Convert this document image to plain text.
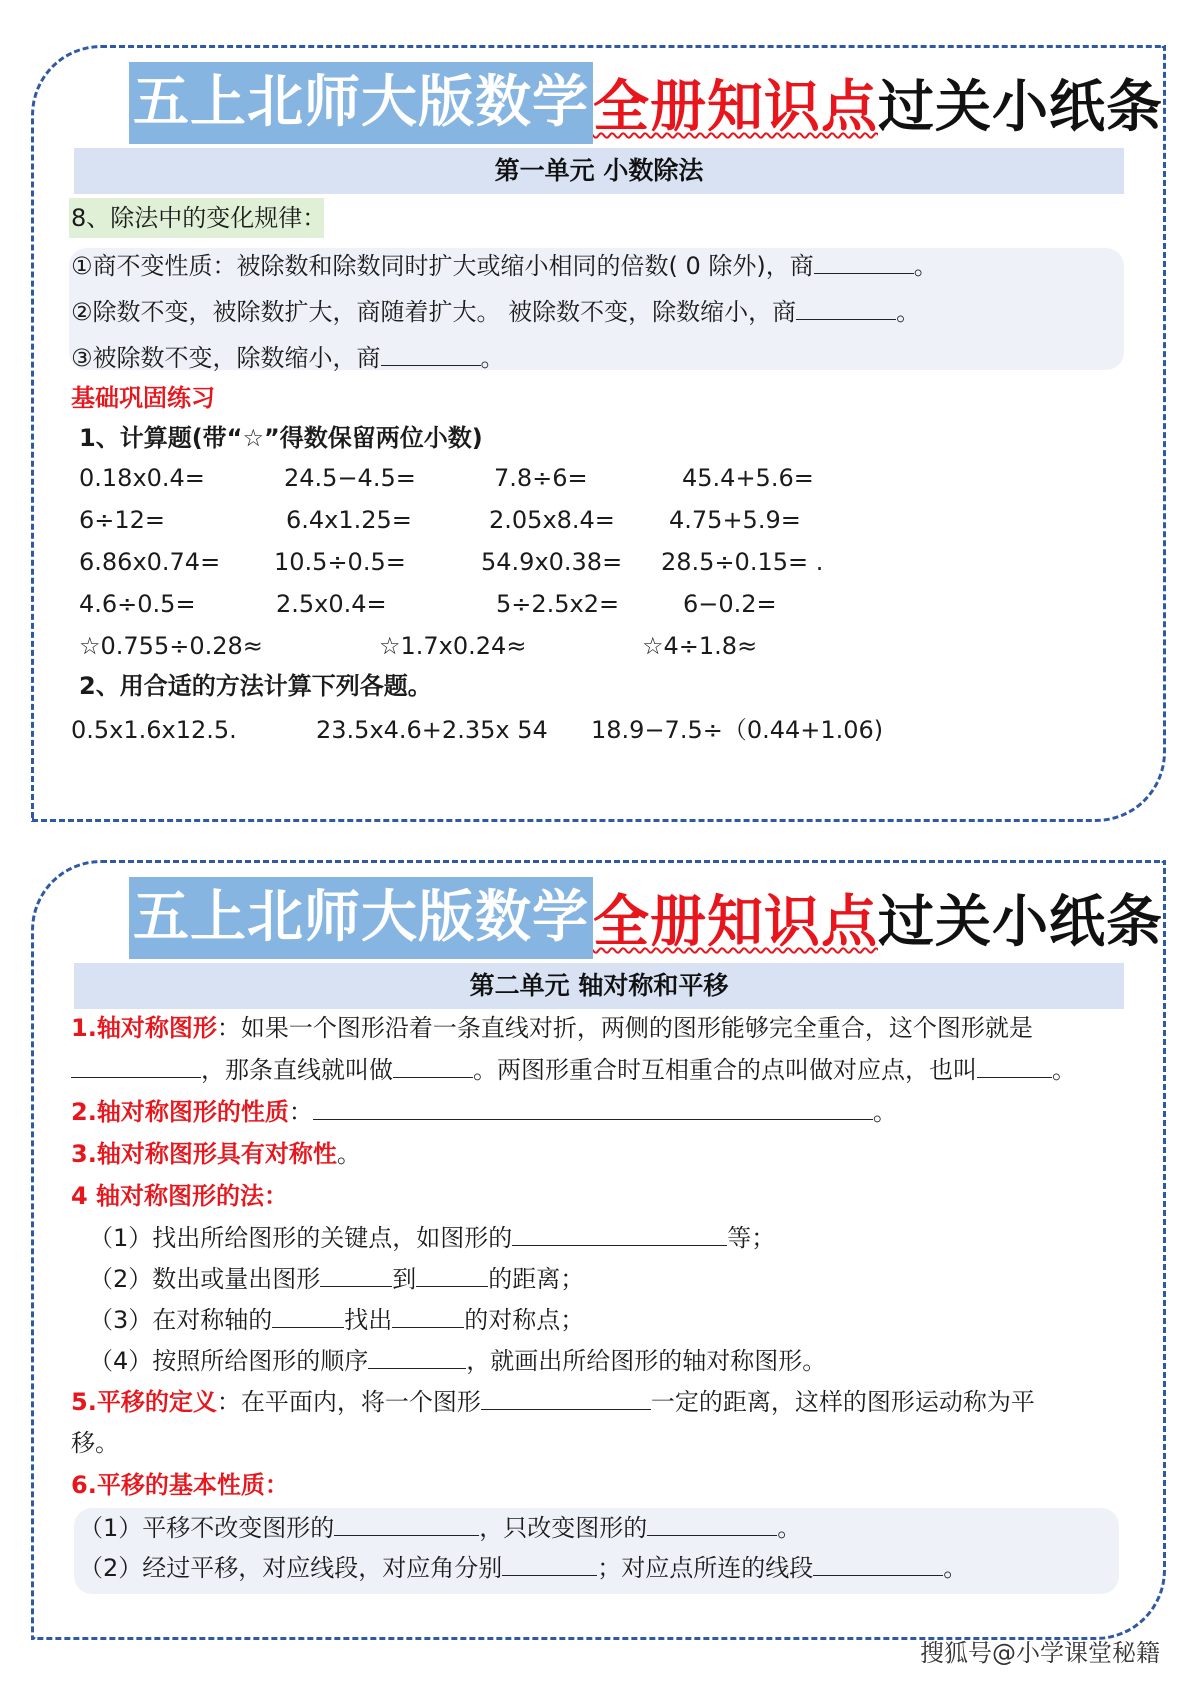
五上北师大版数学 全册知识点 过关小纸条
第一单元 小数除法
8、除法中的变化规律：
①商不变性质：被除数和除数同时扩大或缩小相同的倍数( 0 除外)，商	。
②除数不变，被除数扩大，商随着扩大。 被除数不变，除数缩小，商	。
③被除数不变，除数缩小，商	。
基础巩固练习
1、计算题(带“☆”得数保留两位小数)
0.18x0.4=	24.5−4.5=	7.8÷6=	45.4+5.6=
6÷12=	6.4x1.25=	2.05x8.4= 4.75+5.9=
6.86x0.74= 10.5÷0.5=	54.9x0.38= 28.5÷0.15= .
4.6÷0.5=	2.5x0.4=	5÷2.5x2=	6−0.2=
☆0.755÷0.28≈	☆1.7x0.24≈	☆4÷1.8≈
2、用合适的方法计算下列各题。
0.5x1.6x12.5.	23.5x4.6+2.35x 54 18.9−7.5÷（0.44+1.06)
五上北师大版数学 全册知识点 过关小纸条
第二单元 轴对称和平移
1.轴对称图形：如果一个图形沿着一条直线对折，两侧的图形能够完全重合，这个图形就是
，那条直线就叫做	。两图形重合时互相重合的点叫做对应点，也叫	。
2.轴对称图形的性质：	。
3.轴对称图形具有对称性。
4 轴对称图形的法：
（1）找出所给图形的关键点，如图形的	等；
（2）数出或量出图形	到	的距离；
（3）在对称轴的	找出	的对称点；
（4）按照所给图形的顺序	，就画出所给图形的轴对称图形。
5.平移的定义：在平面内，将一个图形	一定的距离，这样的图形运动称为平
移。
6.平移的基本性质：
（1）平移不改变图形的	，只改变图形的	。
（2）经过平移，对应线段，对应角分别	；对应点所连的线段	。
搜狐号@小学课堂秘籍
